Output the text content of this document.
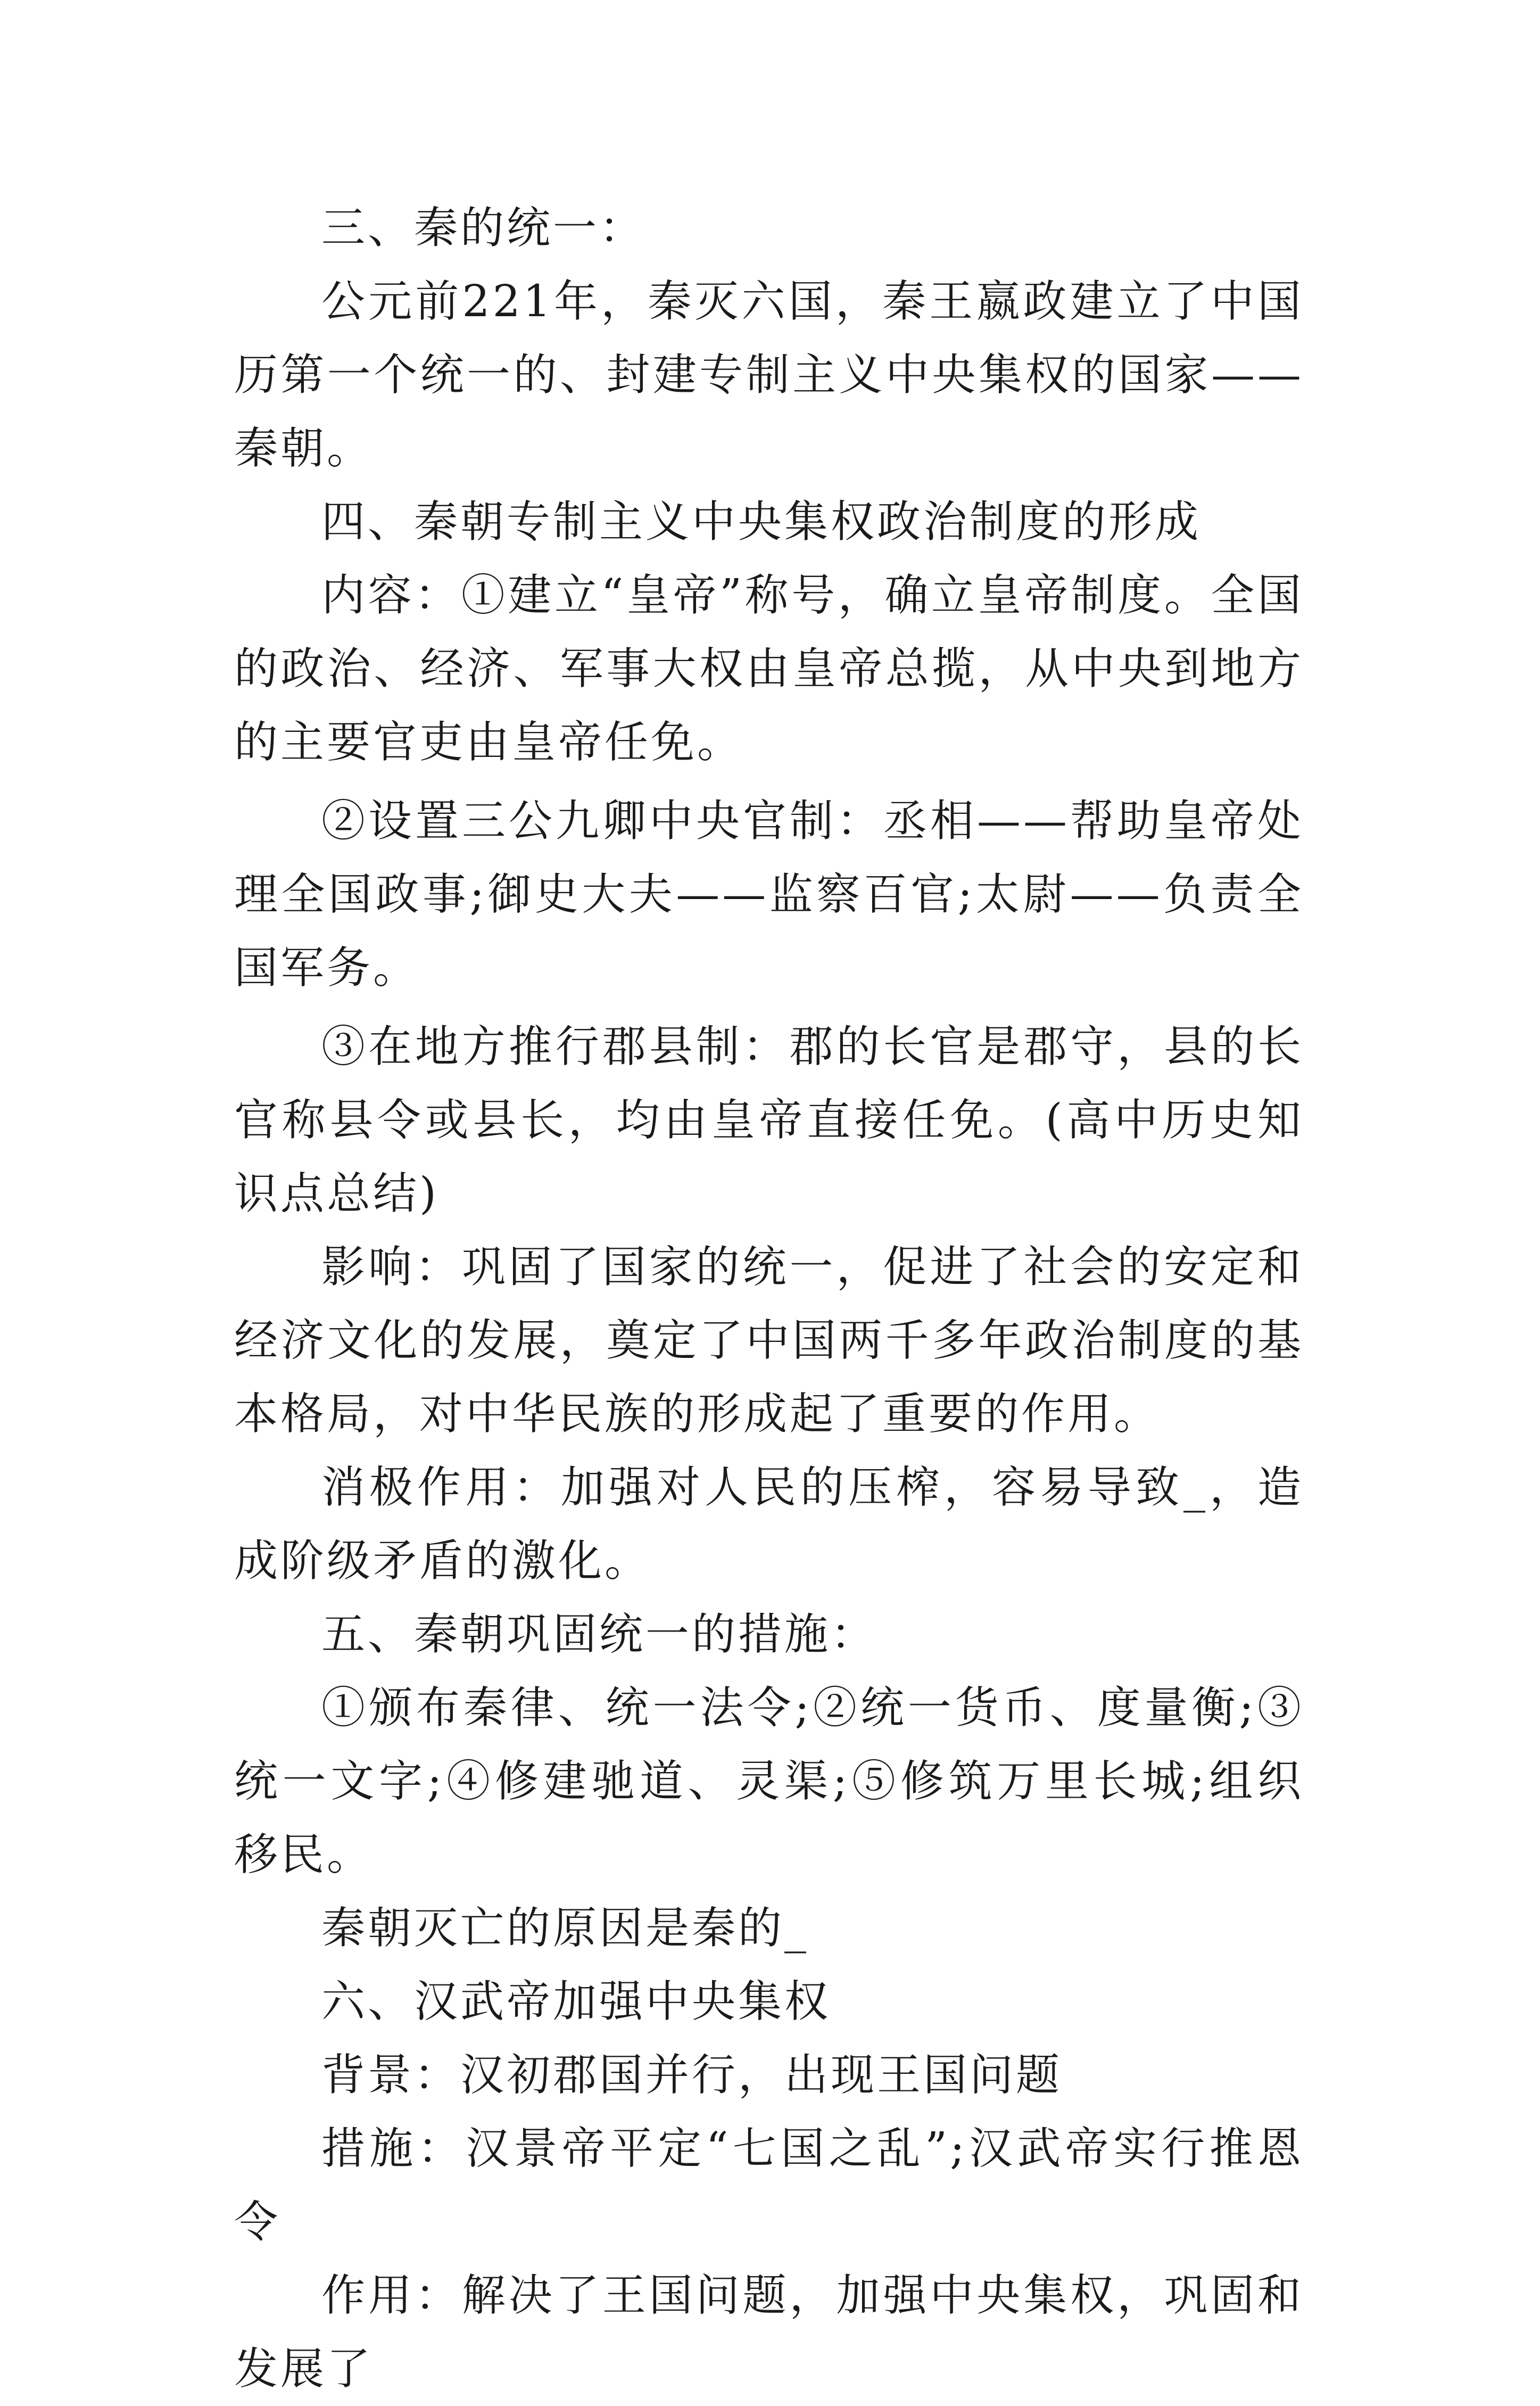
三、秦的统一：

公元前221年，秦灭六国，秦王嬴政建立了中国历第一个统一的、封建专制主义中央集权的国家——秦朝。

四、秦朝专制主义中央集权政治制度的形成

内容：①建立“皇帝”称号，确立皇帝制度。全国的政治、经济、军事大权由皇帝总揽，从中央到地方的主要官吏由皇帝任免。

②设置三公九卿中央官制：丞相——帮助皇帝处理全国政事;御史大夫——监察百官;太尉——负责全国军务。

③在地方推行郡县制：郡的长官是郡守，县的长官称县令或县长，均由皇帝直接任免。(高中历史知识点总结)

影响：巩固了国家的统一，促进了社会的安定和经济文化的发展，奠定了中国两千多年政治制度的基本格局，对中华民族的形成起了重要的作用。

消极作用：加强对人民的压榨，容易导致_，造成阶级矛盾的激化。

五、秦朝巩固统一的措施：

①颁布秦律、统一法令;②统一货币、度量衡;③统一文字;④修建驰道、灵渠;⑤修筑万里长城;组织移民。

秦朝灭亡的原因是秦的_

六、汉武帝加强中央集权

背景：汉初郡国并行，出现王国问题

措施：汉景帝平定“七国之乱”;汉武帝实行推恩令

作用：解决了王国问题，加强中央集权，巩固和发展了
